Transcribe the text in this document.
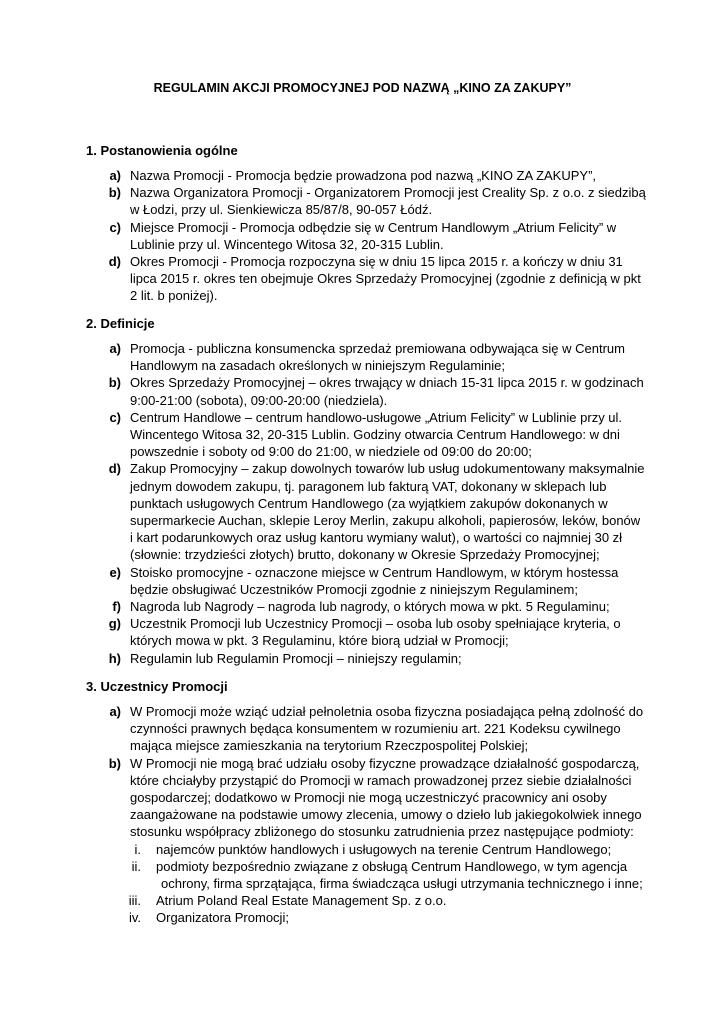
REGULAMIN AKCJI PROMOCYJNEJ POD NAZWĄ „KINO ZA ZAKUPY”
1. Postanowienia ogólne
a) Nazwa Promocji - Promocja będzie prowadzona pod nazwą „KINO ZA ZAKUPY”,
b) Nazwa Organizatora Promocji - Organizatorem Promocji jest Creality Sp. z o.o. z siedzibą w Łodzi, przy ul. Sienkiewicza 85/87/8, 90-057 Łódź.
c) Miejsce Promocji - Promocja odbędzie się w Centrum Handlowym „Atrium Felicity” w Lublinie przy ul. Wincentego Witosa 32, 20-315 Lublin.
d) Okres Promocji - Promocja rozpoczyna się w dniu 15 lipca 2015 r. a kończy w dniu 31 lipca 2015 r. okres ten obejmuje Okres Sprzedaży Promocyjnej (zgodnie z definicją w pkt 2 lit. b poniżej).
2. Definicje
a) Promocja - publiczna konsumencka sprzedaż premiowana odbywająca się w Centrum Handlowym na zasadach określonych w niniejszym Regulaminie;
b) Okres Sprzedaży Promocyjnej – okres trwający w dniach 15-31 lipca 2015 r. w godzinach 9:00-21:00 (sobota), 09:00-20:00 (niedziela).
c) Centrum Handlowe – centrum handlowo-usługowe „Atrium Felicity” w Lublinie przy ul. Wincentego Witosa 32, 20-315 Lublin. Godziny otwarcia Centrum Handlowego: w dni powszednie i soboty od 9:00 do 21:00, w niedziele od 09:00 do 20:00;
d) Zakup Promocyjny – zakup dowolnych towarów lub usług udokumentowany maksymalnie jednym dowodem zakupu, tj. paragonem lub fakturą VAT, dokonany w sklepach lub punktach usługowych Centrum Handlowego (za wyjątkiem zakupów dokonanych w supermarkecie Auchan, sklepie Leroy Merlin, zakupu alkoholi, papierosów, leków, bonów i kart podarunkowych oraz usług kantoru wymiany walut), o wartości co najmniej 30 zł (słownie: trzydzieści złotych) brutto, dokonany w Okresie Sprzedaży Promocyjnej;
e) Stoisko promocyjne - oznaczone miejsce w Centrum Handlowym, w którym hostessa będzie obsługiwać Uczestników Promocji zgodnie z niniejszym Regulaminem;
f) Nagroda lub Nagrody – nagroda lub nagrody, o których mowa w pkt. 5 Regulaminu;
g) Uczestnik Promocji lub Uczestnicy Promocji – osoba lub osoby spełniające kryteria, o których mowa w pkt. 3 Regulaminu, które biorą udział w Promocji;
h) Regulamin lub Regulamin Promocji – niniejszy regulamin;
3. Uczestnicy Promocji
a) W Promocji może wziąć udział pełnoletnia osoba fizyczna posiadająca pełną zdolność do czynności prawnych będąca konsumentem w rozumieniu art. 221 Kodeksu cywilnego mająca miejsce zamieszkania na terytorium Rzeczpospolitej Polskiej;
b) W Promocji nie mogą brać udziału osoby fizyczne prowadzące działalność gospodarczą, które chciałyby przystąpić do Promocji w ramach prowadzonej przez siebie działalności gospodarczej; dodatkowo w Promocji nie mogą uczestniczyć pracownicy ani osoby zaangażowane na podstawie umowy zlecenia, umowy o dzieło lub jakiegokolwiek innego stosunku współpracy zbliżonego do stosunku zatrudnienia przez następujące podmioty:
i.	najemców punktów handlowych i usługowych na terenie Centrum Handlowego;
ii.	podmioty bezpośrednio związane z obsługą Centrum Handlowego, w tym agencja
ochrony, firma sprzątająca, firma świadcząca usługi utrzymania technicznego i inne;
iii.	Atrium Poland Real Estate Management Sp. z o.o.
iv.	Organizatora Promocji;
